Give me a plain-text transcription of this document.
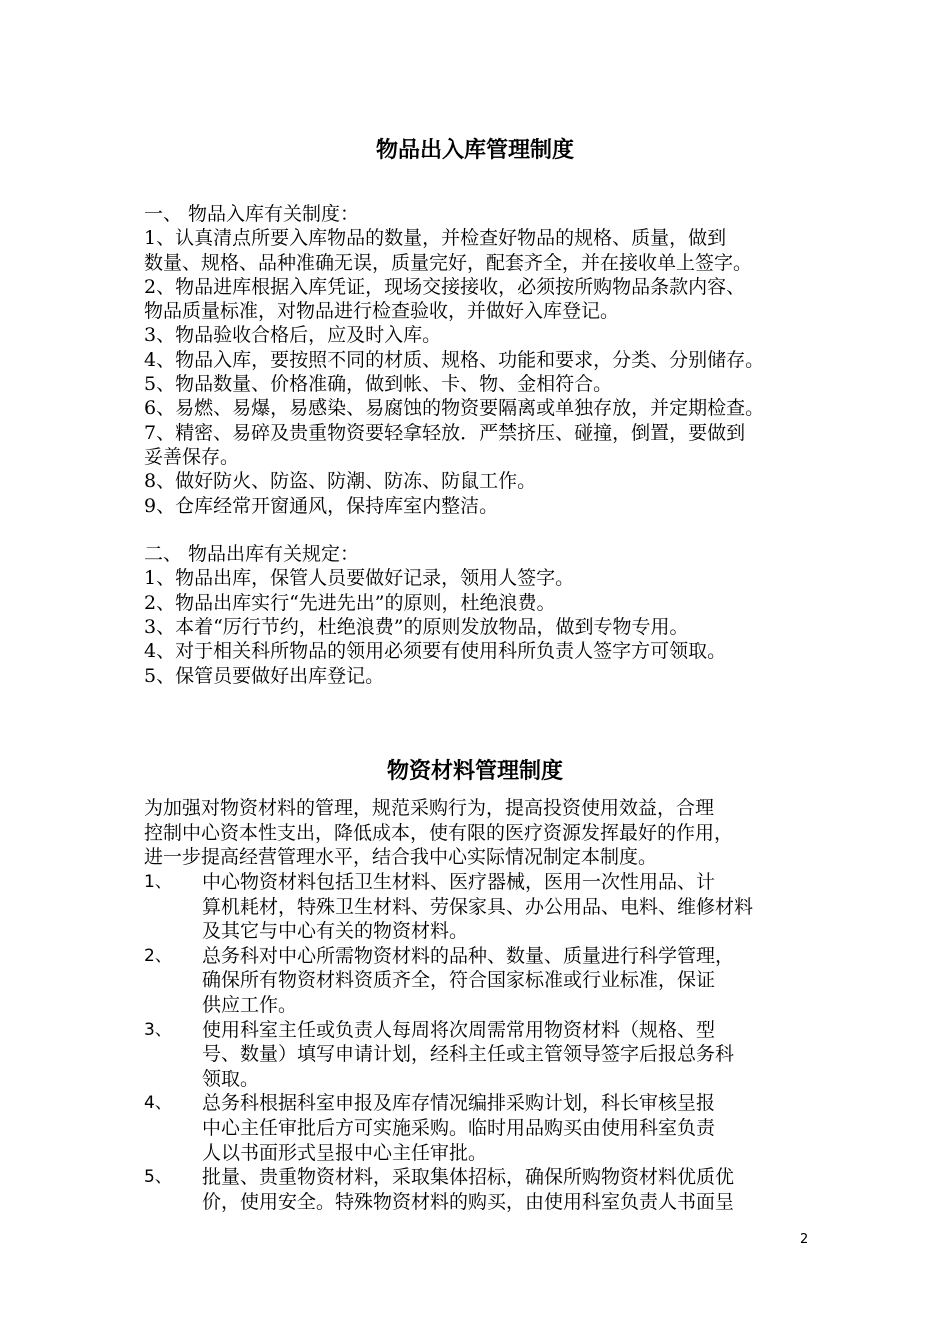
物品出入库管理制度

一、 物品入库有关制度：

1、认真清点所要入库物品的数量，并检查好物品的规格、质量，做到

数量、规格、品种准确无误，质量完好，配套齐全，并在接收单上签字。

2、物品进库根据入库凭证，现场交接接收，必须按所购物品条款内容、

物品质量标准，对物品进行检查验收，并做好入库登记。

3、物品验收合格后，应及时入库。

4、物品入库，要按照不同的材质、规格、功能和要求，分类、分别储存。

5、物品数量、价格准确，做到帐、卡、物、金相符合。

6、易燃、易爆，易感染、易腐蚀的物资要隔离或单独存放，并定期检查。

7、精密、易碎及贵重物资要轻拿轻放．严禁挤压、碰撞，倒置，要做到

妥善保存。

8、做好防火、防盗、防潮、防冻、防鼠工作。

9、仓库经常开窗通风，保持库室内整洁。

二、 物品出库有关规定：

1、物品出库，保管人员要做好记录，领用人签字。

2、物品出库实行“先进先出”的原则，杜绝浪费。

3、本着“厉行节约，杜绝浪费”的原则发放物品，做到专物专用。

4、对于相关科所物品的领用必须要有使用科所负责人签字方可领取。

5、保管员要做好出库登记。

物资材料管理制度

为加强对物资材料的管理，规范采购行为，提高投资使用效益，合理

控制中心资本性支出，降低成本，使有限的医疗资源发挥最好的作用，

进一步提高经营管理水平，结合我中心实际情况制定本制度。

1、 中心物资材料包括卫生材料、医疗器械，医用一次性用品、计
算机耗材，特殊卫生材料、劳保家具、办公用品、电料、维修材料
及其它与中心有关的物资材料。
2、 总务科对中心所需物资材料的品种、数量、质量进行科学管理，
确保所有物资材料资质齐全，符合国家标准或行业标准，保证
供应工作。
3、 使用科室主任或负责人每周将次周需常用物资材料（规格、型
号、数量）填写申请计划，经科主任或主管领导签字后报总务科
领取。
4、 总务科根据科室申报及库存情况编排采购计划，科长审核呈报
中心主任审批后方可实施采购。临时用品购买由使用科室负责
人以书面形式呈报中心主任审批。
5、 批量、贵重物资材料，采取集体招标，确保所购物资材料优质优
价，使用安全。特殊物资材料的购买，由使用科室负责人书面呈
2
